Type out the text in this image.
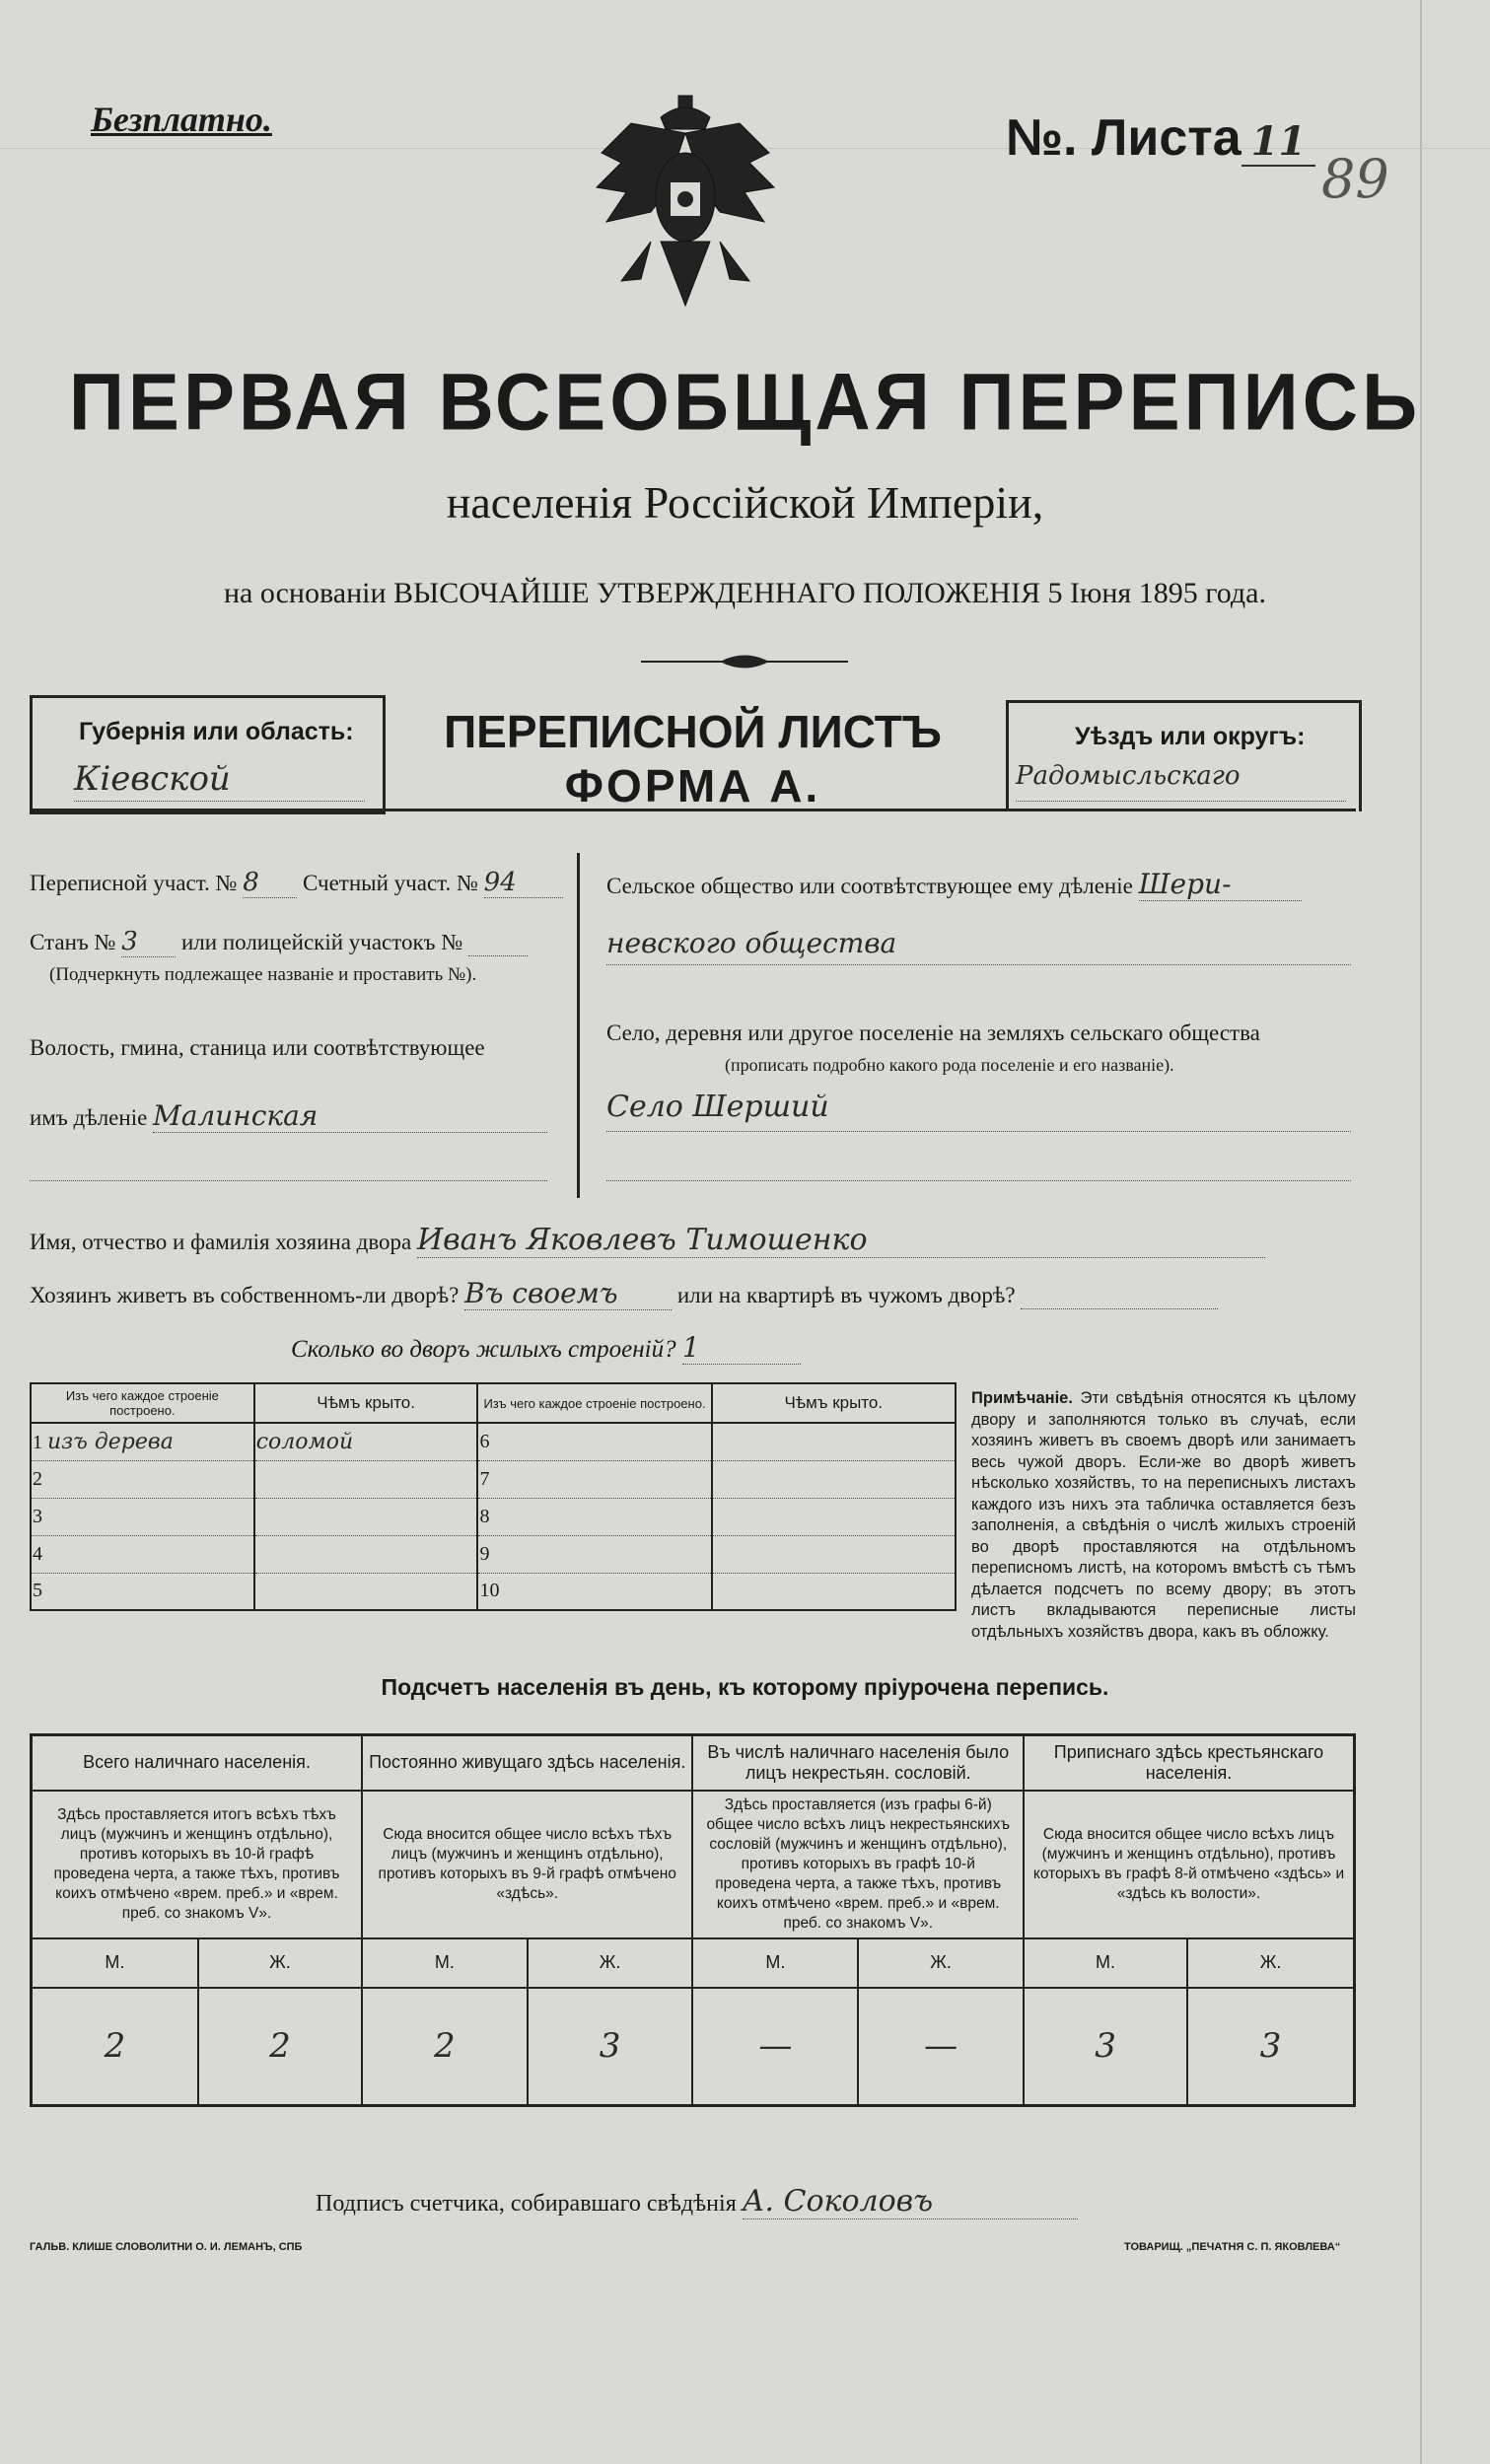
Безплатно.	№. Листа 11
89
ПЕРВАЯ ВСЕОБЩАЯ ПЕРЕПИСЬ
населенія Россійской Имперіи,
на основаніи ВЫСОЧАЙШЕ УТВЕРЖДЕННАГО ПОЛОЖЕНІЯ 5 Іюня 1895 года.
Губернія или область:
Кіевской
ПЕРЕПИСНОЙ ЛИСТЪ
ФОРМА А.
Уѣздъ или округъ:
Радомысльскаго
Переписной участ. № 8 Счетный участ. № 94
Станъ № 3 или полицейскій участокъ №
(Подчеркнуть подлежащее названіе и проставить №).
Волость, гмина, станица или соотвѣтствующее
имъ дѣленіе Малинская
Сельское общество или соотвѣтствующее ему дѣленіе Шери-
невского общества
Село, деревня или другое поселеніе на земляхъ сельскаго общества
(прописать подробно какого рода поселеніе и его названіе).
Село Шерший
Имя, отчество и фамилія хозяина двора Иванъ Яковлевъ Тимошенко
Хозяинъ живетъ въ собственномъ-ли дворѣ? Въ своемъ	или на квартирѣ въ чужомъ дворѣ?
Сколько во дворъ жилыхъ строеній? 1
Изъ чего каждое строеніе построено.	Чѣмъ крыто.	Изъ чего каждое строеніе построено.	Чѣмъ крыто.
1 изъ дерева	соломой	6	
2		7	
3		8	
4		9	
5		10	
Примѣчаніе. Эти свѣдѣнія относятся къ цѣлому двору и заполняются только въ случаѣ, если хозяинъ живетъ въ своемъ дворѣ или занимаетъ весь чужой дворъ. Если-же во дворѣ живетъ нѣсколько хозяйствъ, то на переписныхъ листахъ каждого изъ нихъ эта табличка оставляется безъ заполненія, а свѣдѣнія о числѣ жилыхъ строеній во дворѣ проставляются на отдѣльномъ переписномъ листѣ, на которомъ вмѣстѣ съ тѣмъ дѣлается подсчетъ по всему двору; въ этотъ листъ вкладываются переписные листы отдѣльныхъ хозяйствъ двора, какъ въ обложку.
Подсчетъ населенія въ день, къ которому пріурочена перепись.
Всего наличнаго населенія.		Постоянно живущаго здѣсь населенія.		Въ числѣ наличнаго населенія было лицъ некрестьян. сословій.		Приписнаго здѣсь крестьянскаго населенія.	
Здѣсь проставляется итогъ всѣхъ тѣхъ лицъ (мужчинъ и женщинъ отдѣльно), противъ которыхъ въ 10-й графѣ проведена черта, а также тѣхъ, противъ коихъ отмѣчено «врем. преб.» и «врем. преб. со знакомъ V».		Сюда вносится общее число всѣхъ тѣхъ лицъ (мужчинъ и женщинъ отдѣльно), противъ которыхъ въ 9-й графѣ отмѣчено «здѣсь».		Здѣсь проставляется (изъ графы 6-й) общее число всѣхъ лицъ некрестьянскихъ сословій (мужчинъ и женщинъ отдѣльно), противъ которыхъ въ графѣ 10-й проведена черта, а также тѣхъ, противъ коихъ отмѣчено «врем. преб.» и «врем. преб. со знакомъ V».		Сюда вносится общее число всѣхъ лицъ (мужчинъ и женщинъ отдѣльно), противъ которыхъ въ графѣ 8-й отмѣчено «здѣсь» и «здѣсь къ волости».	
М.	Ж.	М.	Ж.	М.	Ж.	М.	Ж.
2	2	2	3	—	—	3	3
Подписъ счетчика, собиравшаго свѣдѣнія А. Соколовъ
ГАЛЬВ. КЛИШЕ СЛОВОЛИТНИ О. И. ЛЕМАНЪ, СПБ	ТОВАРИЩ. „ПЕЧАТНЯ С. П. ЯКОВЛЕВА“
